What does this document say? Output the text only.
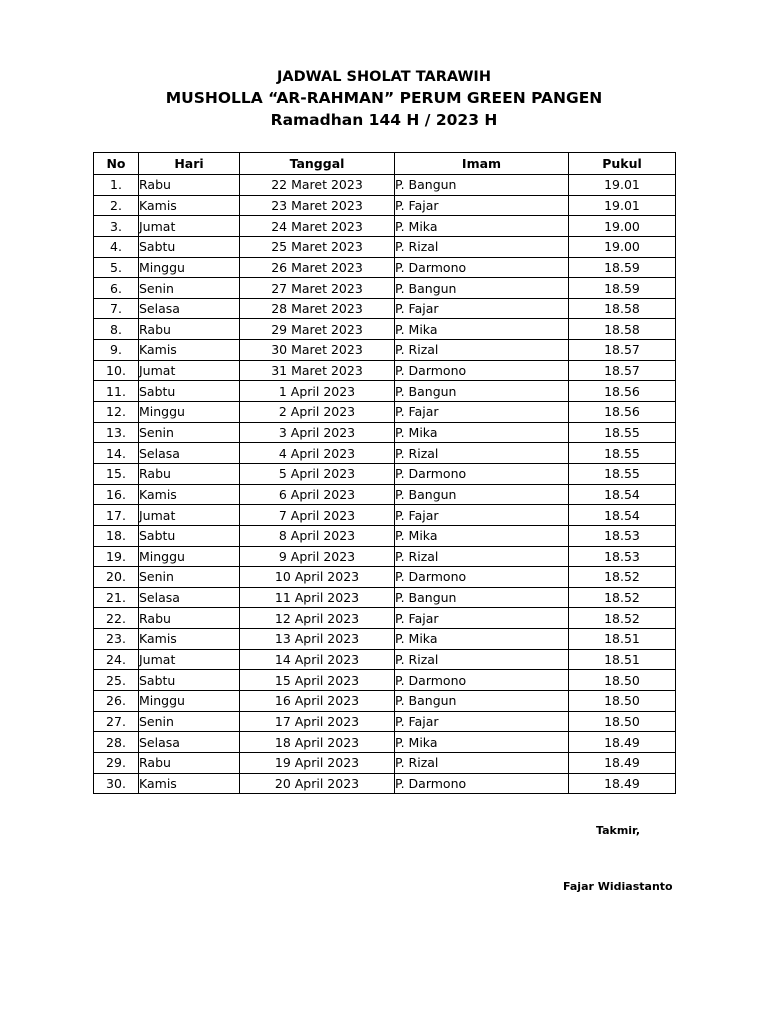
JADWAL SHOLAT TARAWIH
MUSHOLLA “AR-RAHMAN” PERUM GREEN PANGEN
Ramadhan 144 H / 2023 H
No	Hari	Tanggal	Imam	Pukul
1.	Rabu	22 Maret 2023	P. Bangun	19.01
2.	Kamis	23 Maret 2023	P. Fajar	19.01
3.	Jumat	24 Maret 2023	P. Mika	19.00
4.	Sabtu	25 Maret 2023	P. Rizal	19.00
5.	Minggu	26 Maret 2023	P. Darmono	18.59
6.	Senin	27 Maret 2023	P. Bangun	18.59
7.	Selasa	28 Maret 2023	P. Fajar	18.58
8.	Rabu	29 Maret 2023	P. Mika	18.58
9.	Kamis	30 Maret 2023	P. Rizal	18.57
10.	Jumat	31 Maret 2023	P. Darmono	18.57
11.	Sabtu	1 April 2023	P. Bangun	18.56
12.	Minggu	2 April 2023	P. Fajar	18.56
13.	Senin	3 April 2023	P. Mika	18.55
14.	Selasa	4 April 2023	P. Rizal	18.55
15.	Rabu	5 April 2023	P. Darmono	18.55
16.	Kamis	6 April 2023	P. Bangun	18.54
17.	Jumat	7 April 2023	P. Fajar	18.54
18.	Sabtu	8 April 2023	P. Mika	18.53
19.	Minggu	9 April 2023	P. Rizal	18.53
20.	Senin	10 April 2023	P. Darmono	18.52
21.	Selasa	11 April 2023	P. Bangun	18.52
22.	Rabu	12 April 2023	P. Fajar	18.52
23.	Kamis	13 April 2023	P. Mika	18.51
24.	Jumat	14 April 2023	P. Rizal	18.51
25.	Sabtu	15 April 2023	P. Darmono	18.50
26.	Minggu	16 April 2023	P. Bangun	18.50
27.	Senin	17 April 2023	P. Fajar	18.50
28.	Selasa	18 April 2023	P. Mika	18.49
29.	Rabu	19 April 2023	P. Rizal	18.49
30.	Kamis	20 April 2023	P. Darmono	18.49
Takmir,
Fajar Widiastanto
